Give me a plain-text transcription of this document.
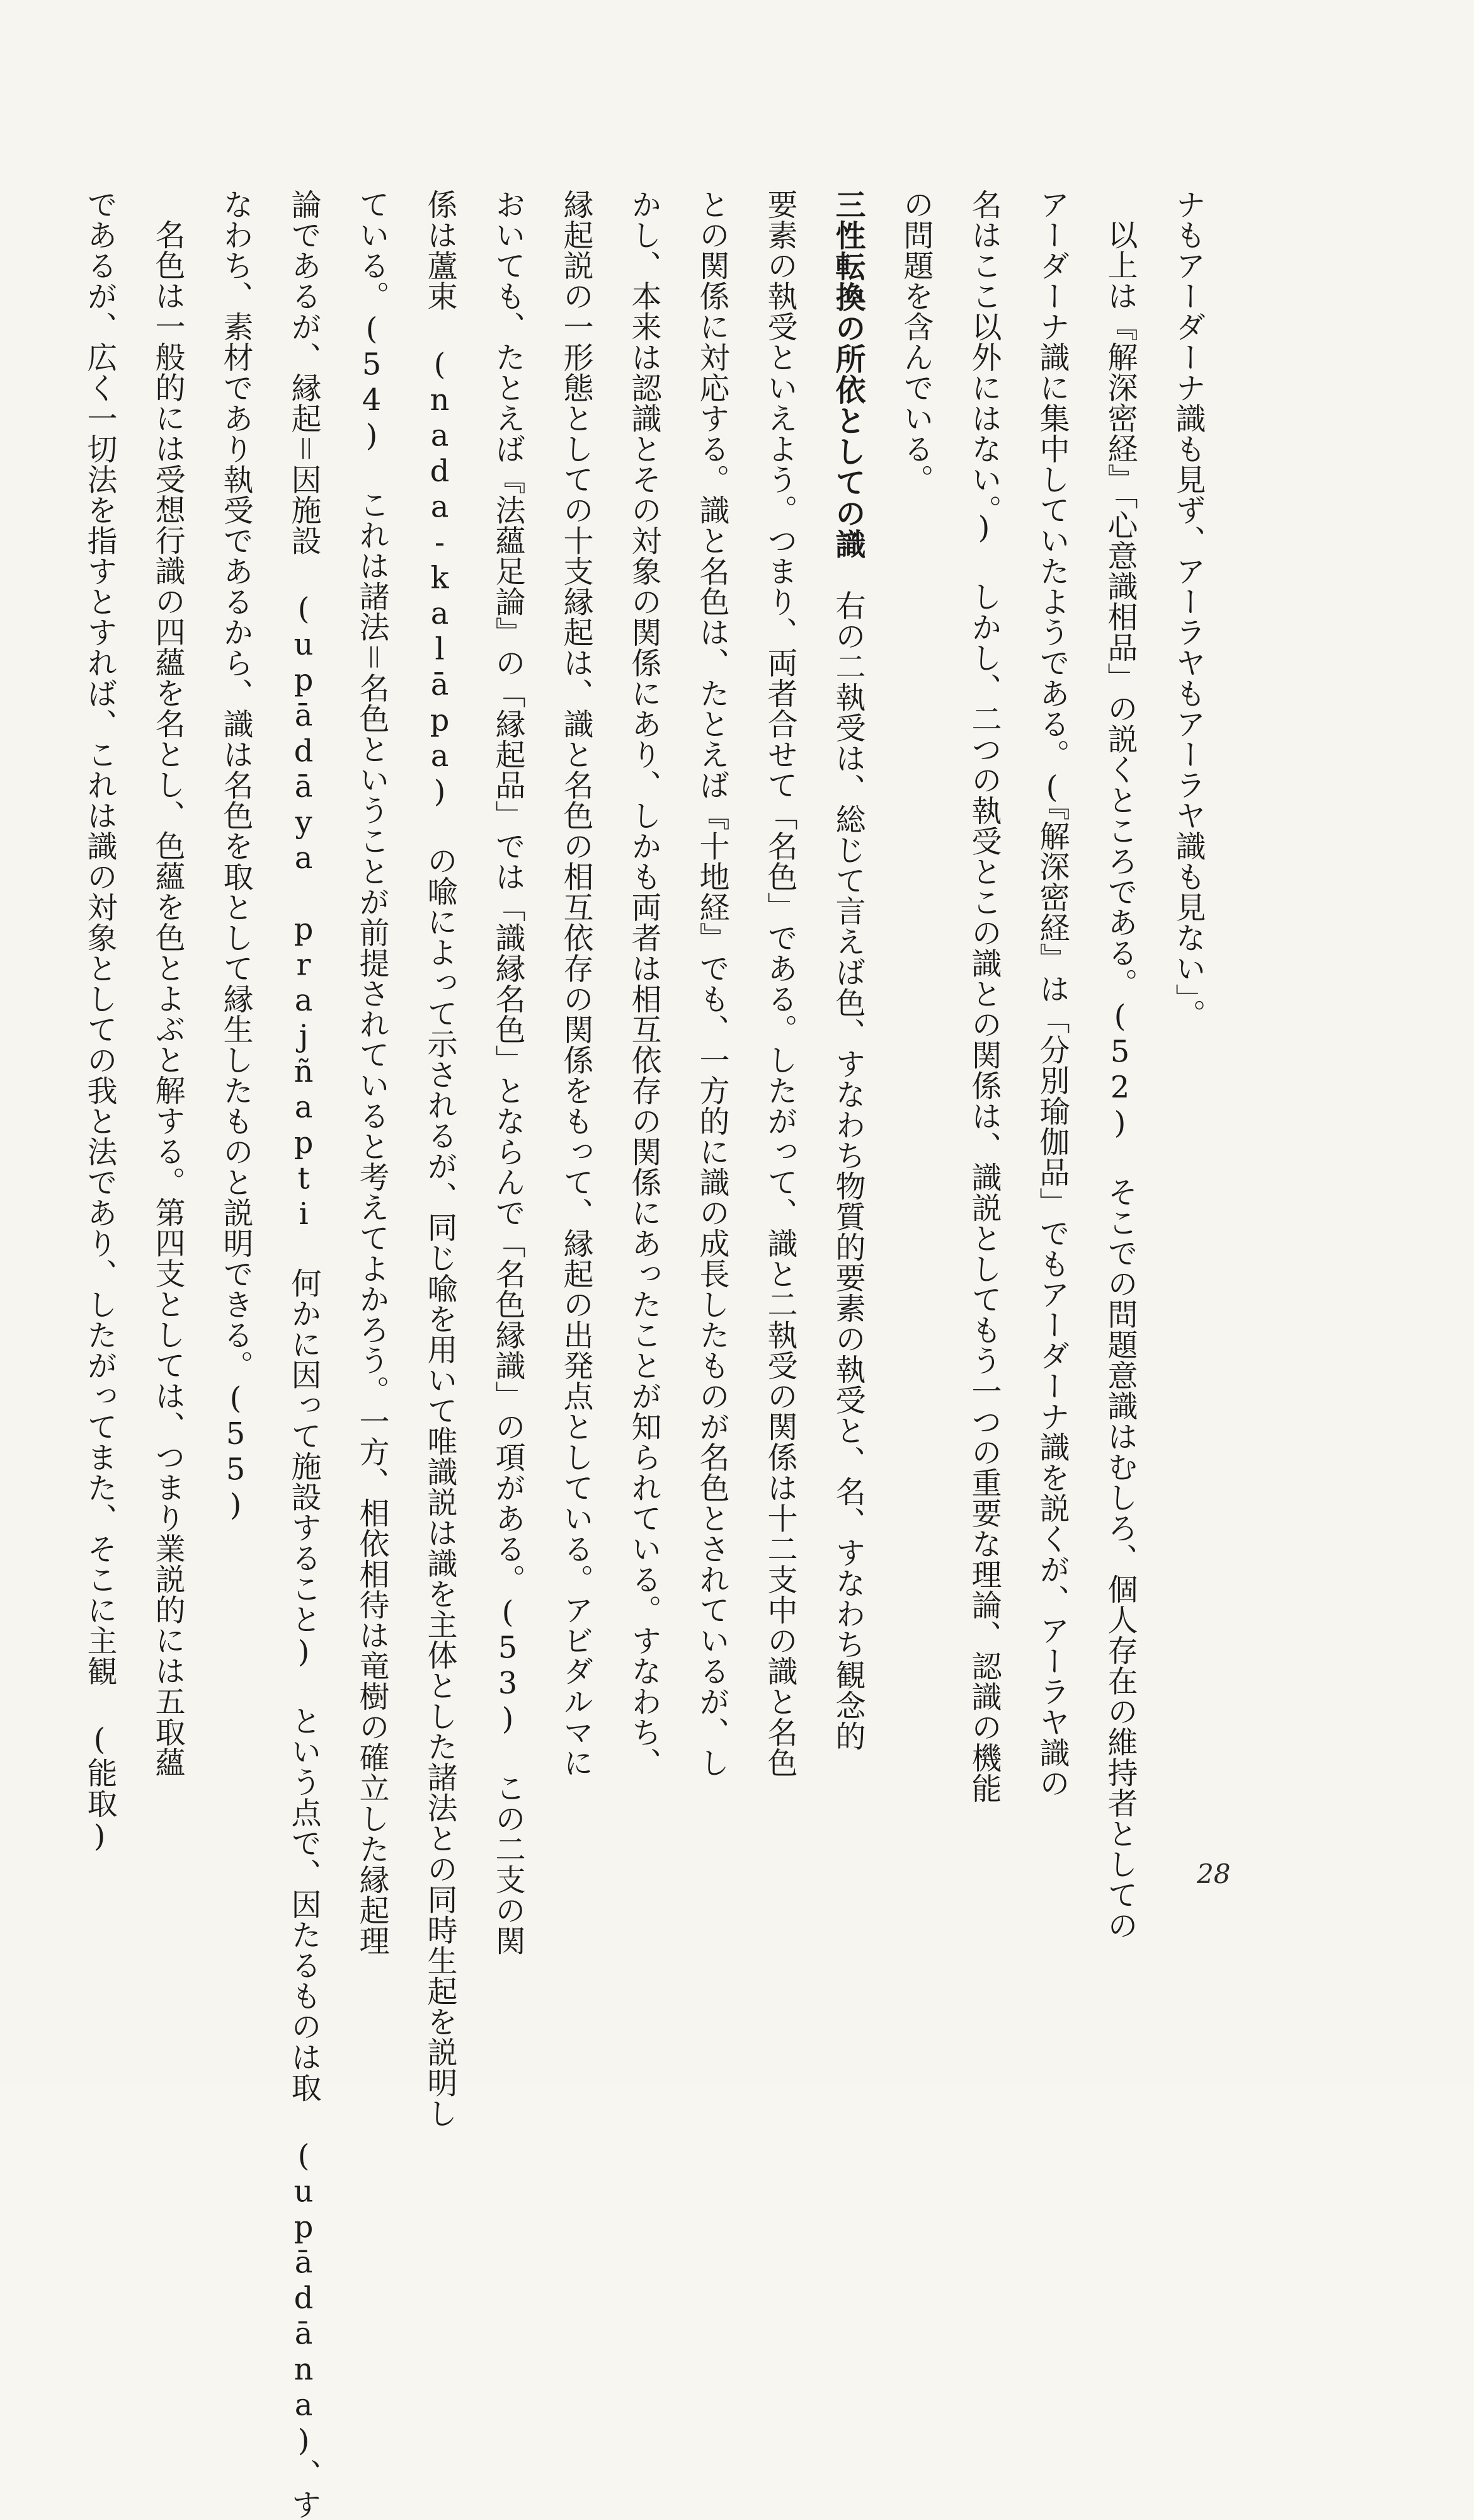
ナもアーダーナ識も見ず、アーラヤもアーラヤ識も見ない」。
以上は『解深密経』「心意識相品」の説くところである。(52) そこでの問題意識はむしろ、個人存在の維持者としての
アーダーナ識に集中していたようである。(『解深密経』は「分別瑜伽品」でもアーダーナ識を説くが、アーラヤ識の
名はここ以外にはない。) しかし、二つの執受とこの識との関係は、識説としてもう一つの重要な理論、認識の機能
の問題を含んでいる。
三性転換の所依としての識　右の二執受は、総じて言えば色、すなわち物質的要素の執受と、名、すなわち観念的
要素の執受といえよう。つまり、両者合せて「名色」である。したがって、識と二執受の関係は十二支中の識と名色
との関係に対応する。識と名色は、たとえば『十地経』でも、一方的に識の成長したものが名色とされているが、し
かし、本来は認識とその対象の関係にあり、しかも両者は相互依存の関係にあったことが知られている。すなわち、
縁起説の一形態としての十支縁起は、識と名色の相互依存の関係をもって、縁起の出発点としている。アビダルマに
おいても、たとえば『法蘊足論』の「縁起品」では「識縁名色」とならんで「名色縁識」の項がある。(53) この二支の関
係は蘆束 (nada-kalāpa) の喩によって示されるが、同じ喩を用いて唯識説は識を主体とした諸法との同時生起を説明し
ている。(54) これは諸法＝名色ということが前提されていると考えてよかろう。一方、相依相待は竜樹の確立した縁起理
論であるが、縁起＝因施設 (upādāya prajñapti 何かに因って施設すること) という点で、因たるものは取 (upādāna)、す
なわち、素材であり執受であるから、識は名色を取として縁生したものと説明できる。(55)
名色は一般的には受想行識の四蘊を名とし、色蘊を色とよぶと解する。第四支としては、つまり業説的には五取蘊
であるが、広く一切法を指すとすれば、これは識の対象としての我と法であり、したがってまた、そこに主観 (能取)
28
